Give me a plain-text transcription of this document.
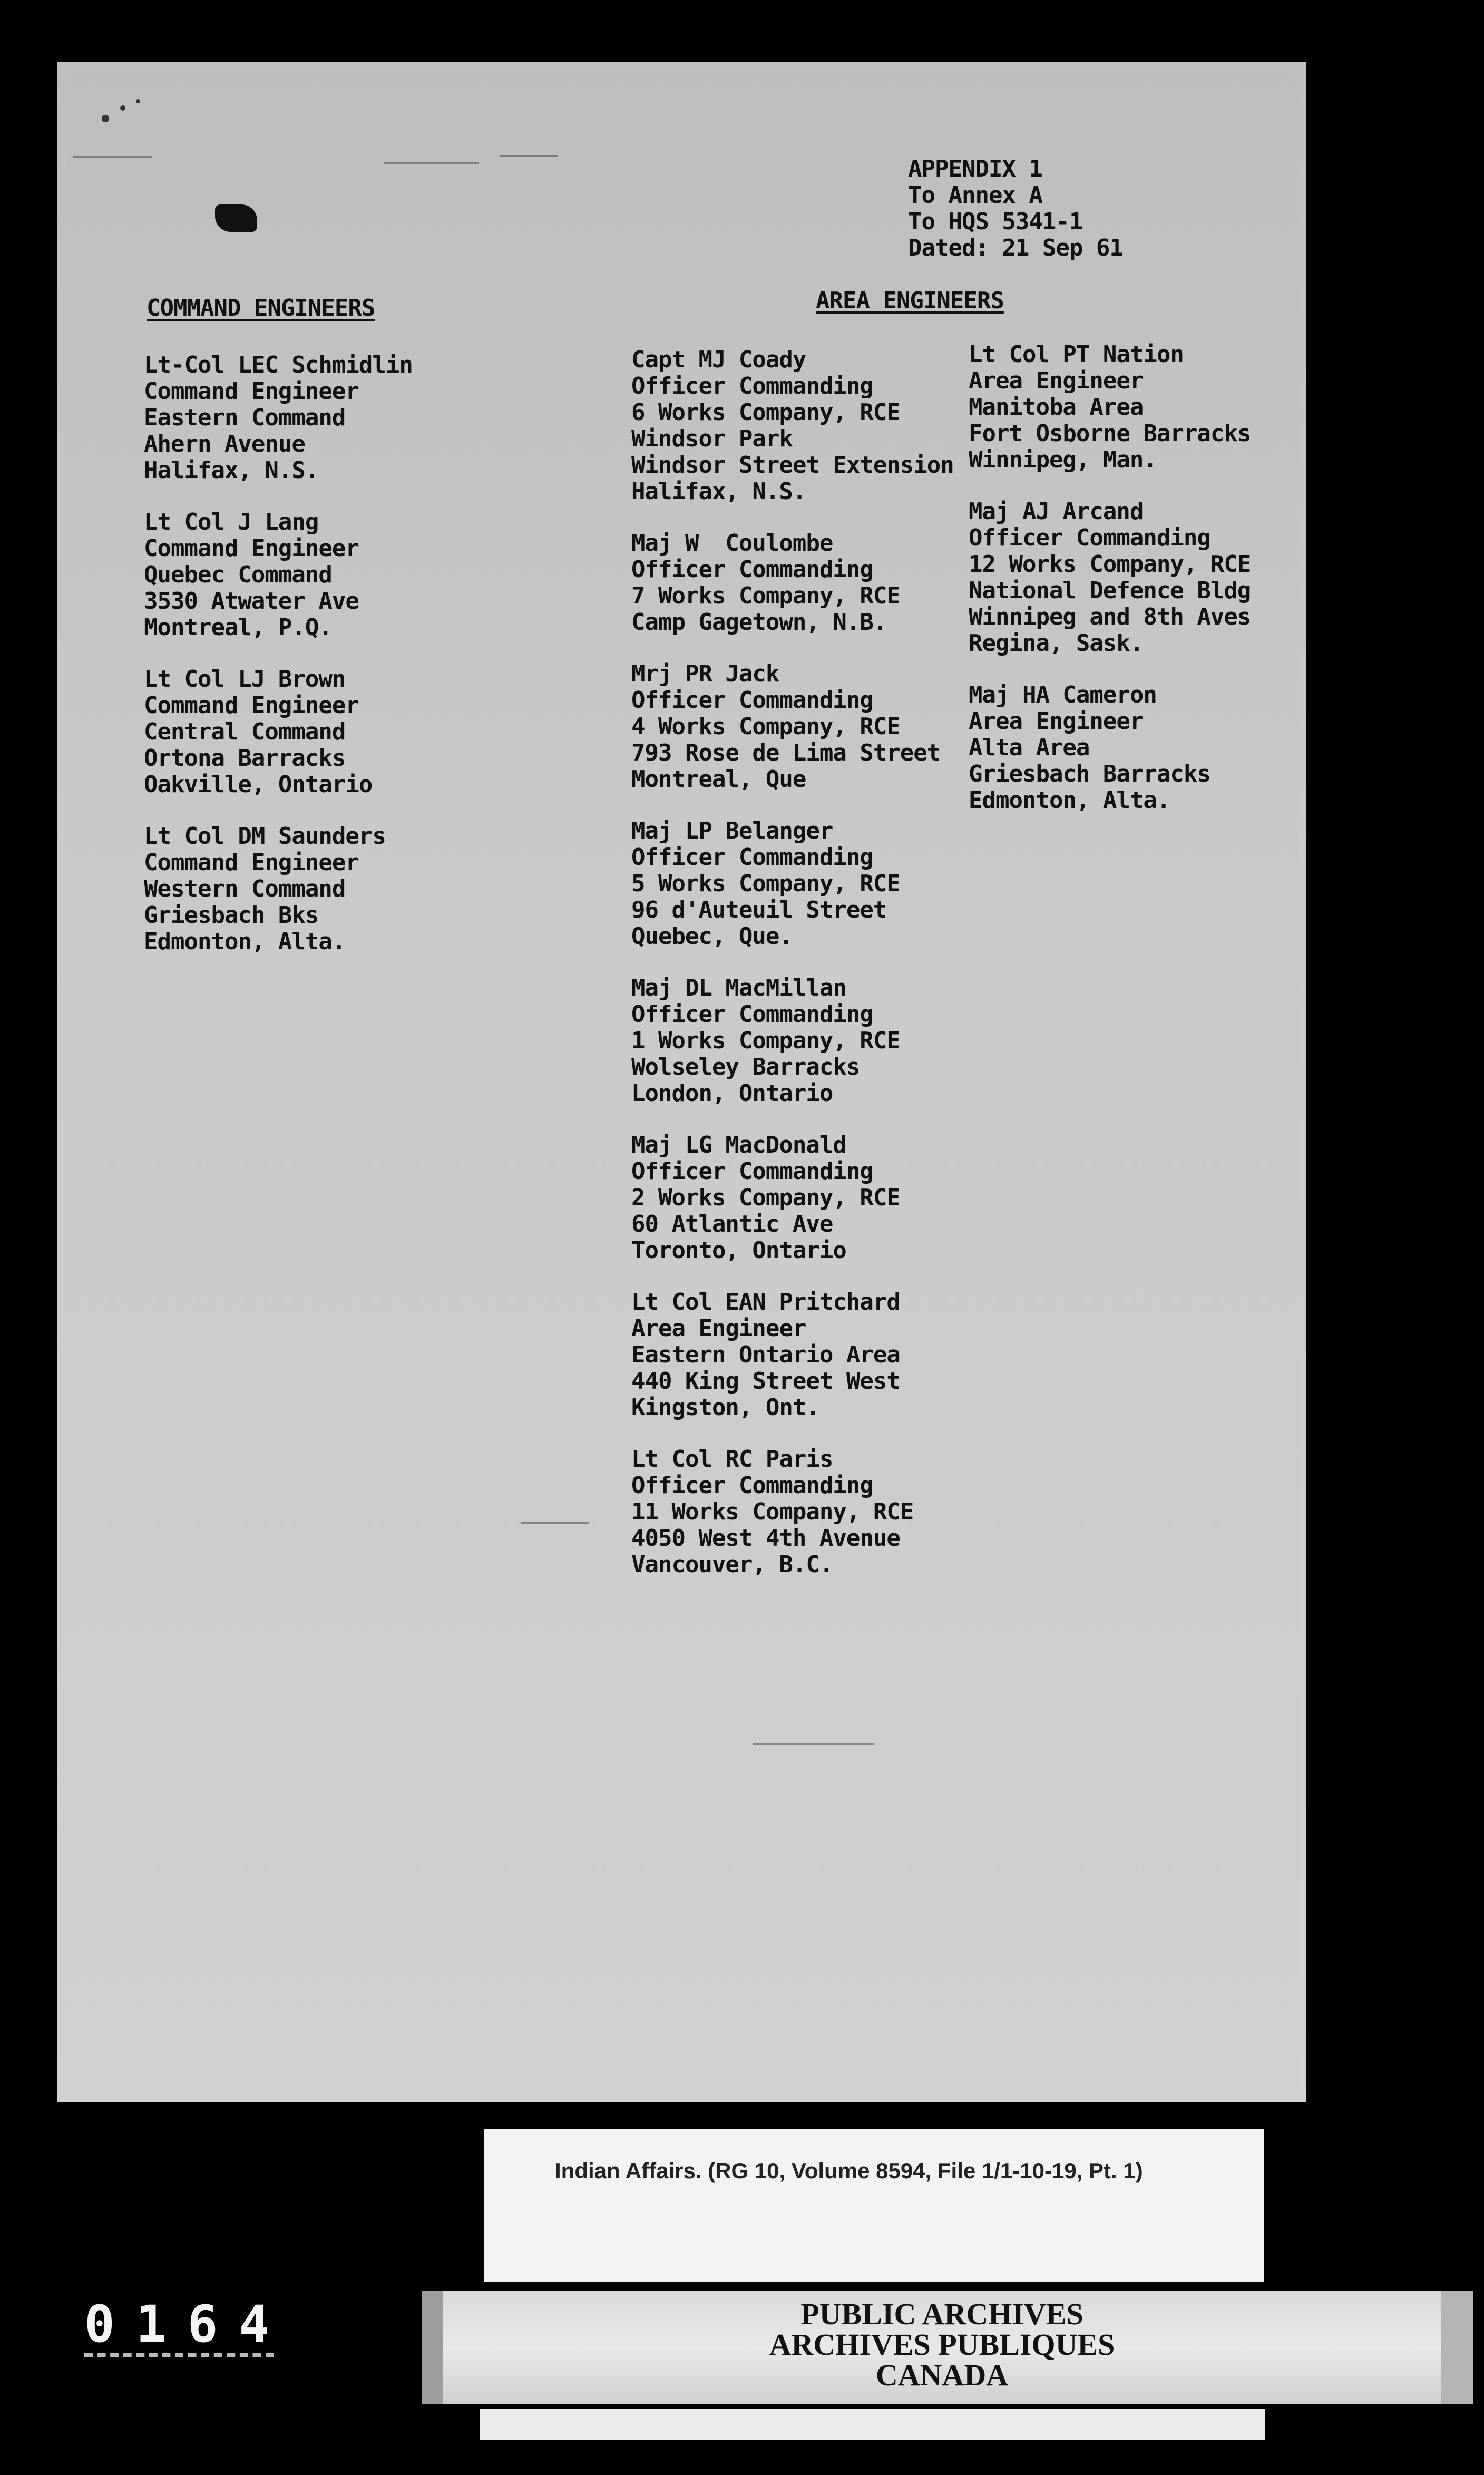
APPENDIX 1
To Annex A
To HQS 5341-1
Dated: 21 Sep 61
COMMAND ENGINEERS	AREA ENGINEERS
Lt-Col LEC Schmidlin
Command Engineer
Eastern Command
Ahern Avenue
Halifax, N.S.
Lt Col J Lang
Command Engineer
Quebec Command
3530 Atwater Ave
Montreal, P.Q.
Lt Col LJ Brown
Command Engineer
Central Command
Ortona Barracks
Oakville, Ontario
Lt Col DM Saunders
Command Engineer
Western Command
Griesbach Bks
Edmonton, Alta.
Capt MJ Coady
Officer Commanding
6 Works Company, RCE
Windsor Park
Windsor Street Extension
Halifax, N.S.
Maj W  Coulombe
Officer Commanding
7 Works Company, RCE
Camp Gagetown, N.B.
Mrj PR Jack
Officer Commanding
4 Works Company, RCE
793 Rose de Lima Street
Montreal, Que
Maj LP Belanger
Officer Commanding
5 Works Company, RCE
96 d'Auteuil Street
Quebec, Que.
Maj DL MacMillan
Officer Commanding
1 Works Company, RCE
Wolseley Barracks
London, Ontario
Maj LG MacDonald
Officer Commanding
2 Works Company, RCE
60 Atlantic Ave
Toronto, Ontario
Lt Col EAN Pritchard
Area Engineer
Eastern Ontario Area
440 King Street West
Kingston, Ont.
Lt Col RC Paris
Officer Commanding
11 Works Company, RCE
4050 West 4th Avenue
Vancouver, B.C.
Lt Col PT Nation
Area Engineer
Manitoba Area
Fort Osborne Barracks
Winnipeg, Man.
Maj AJ Arcand
Officer Commanding
12 Works Company, RCE
National Defence Bldg
Winnipeg and 8th Aves
Regina, Sask.
Maj HA Cameron
Area Engineer
Alta Area
Griesbach Barracks
Edmonton, Alta.
Indian Affairs. (RG 10, Volume 8594, File 1/1-10-19, Pt. 1)
0164	PUBLIC ARCHIVES
ARCHIVES PUBLIQUES
CANADA
